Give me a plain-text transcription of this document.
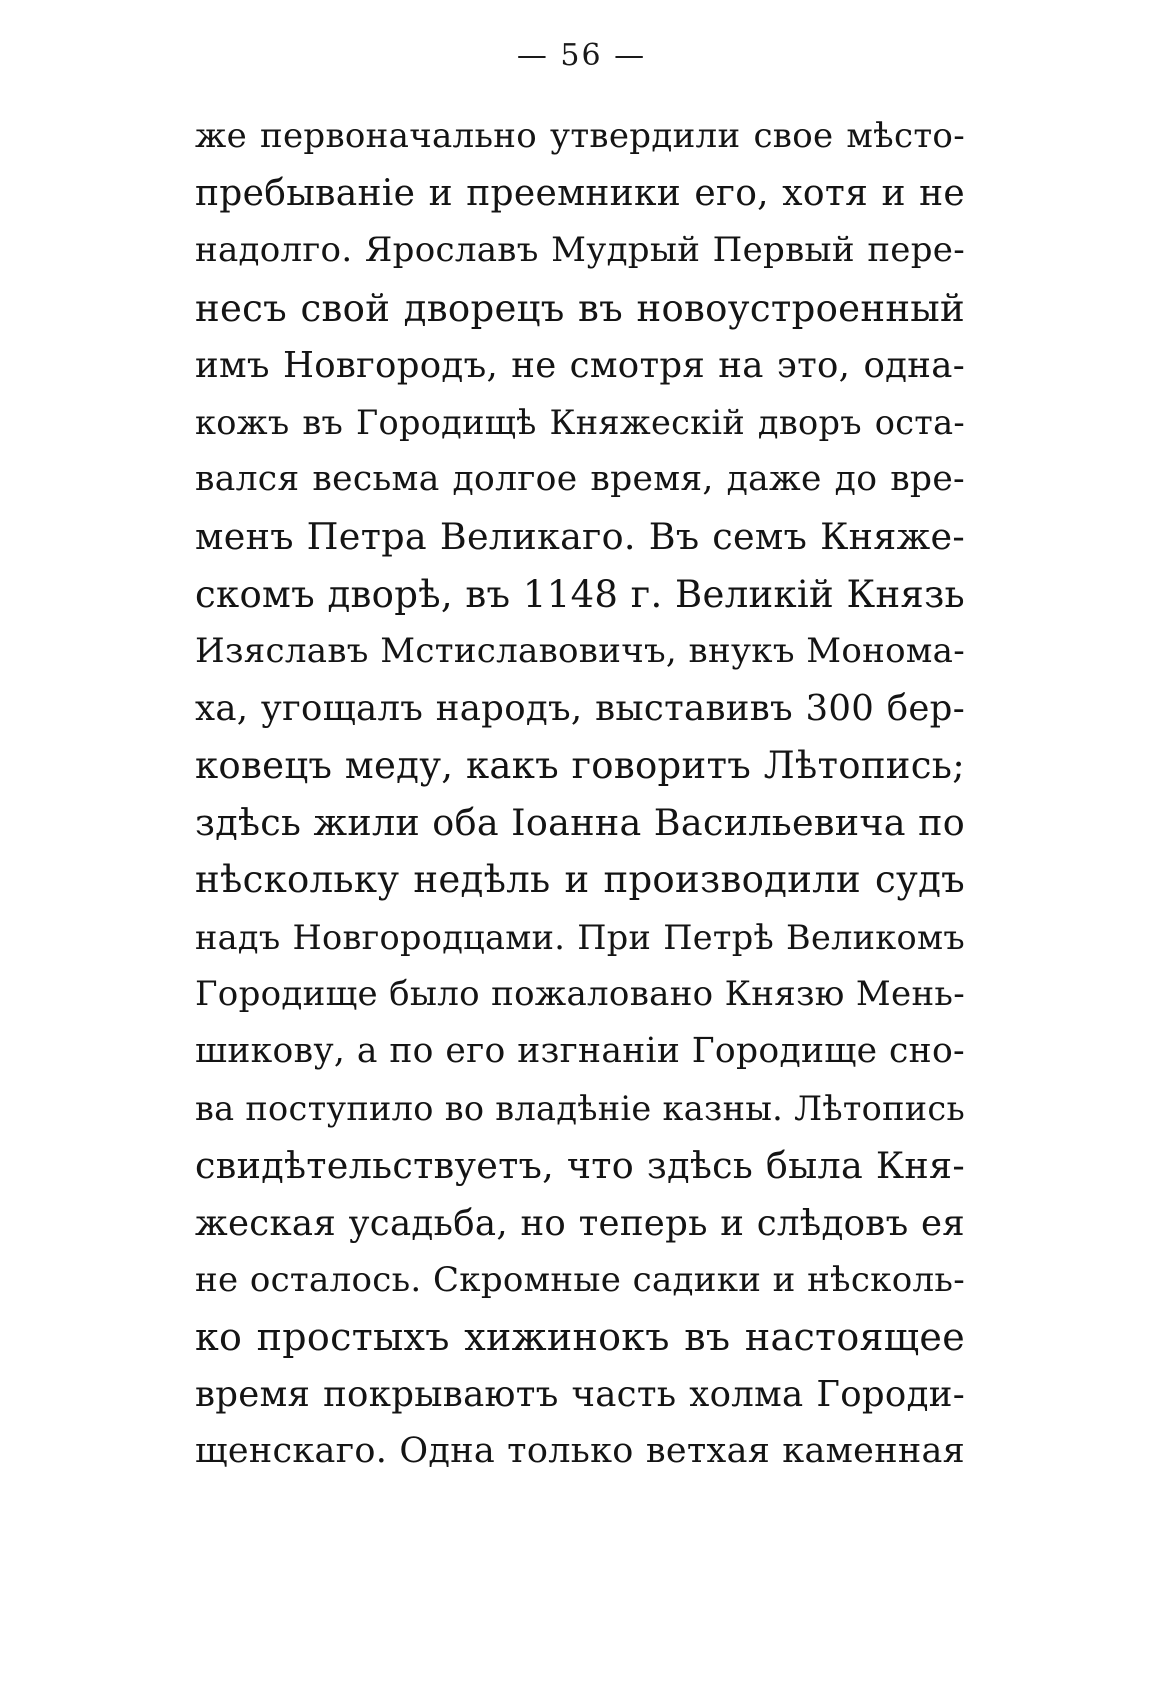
— 56 —
же первоначально утвердили свое мѣсто-
пребываніе и преемники его, хотя и не
надолго. Ярославъ Мудрый Первый пере-
несъ свой дворецъ въ новоустроенный
имъ Новгородъ, не смотря на это, одна-
кожъ въ Городищѣ Княжескій дворъ оста-
вался весьма долгое время, даже до вре-
менъ Петра Великаго. Въ семъ Княже-
скомъ дворѣ, въ 1148 г. Великій Князь
Изяславъ Мстиславовичъ, внукъ Монома-
ха, угощалъ народъ, выставивъ 300 бер-
ковецъ меду, какъ говоритъ Лѣтопись;
здѣсь жили оба Іоанна Васильевича по
нѣскольку недѣль и производили судъ
надъ Новгородцами. При Петрѣ Великомъ
Городище было пожаловано Князю Мень-
шикову, а по его изгнаніи Городище сно-
ва поступило во владѣніе казны. Лѣтопись
свидѣтельствуетъ, что здѣсь была Кня-
жеская усадьба, но теперь и слѣдовъ ея
не осталось. Скромные садики и нѣсколь-
ко простыхъ хижинокъ въ настоящее
время покрываютъ часть холма Городи-
щенскаго. Одна только ветхая каменная
